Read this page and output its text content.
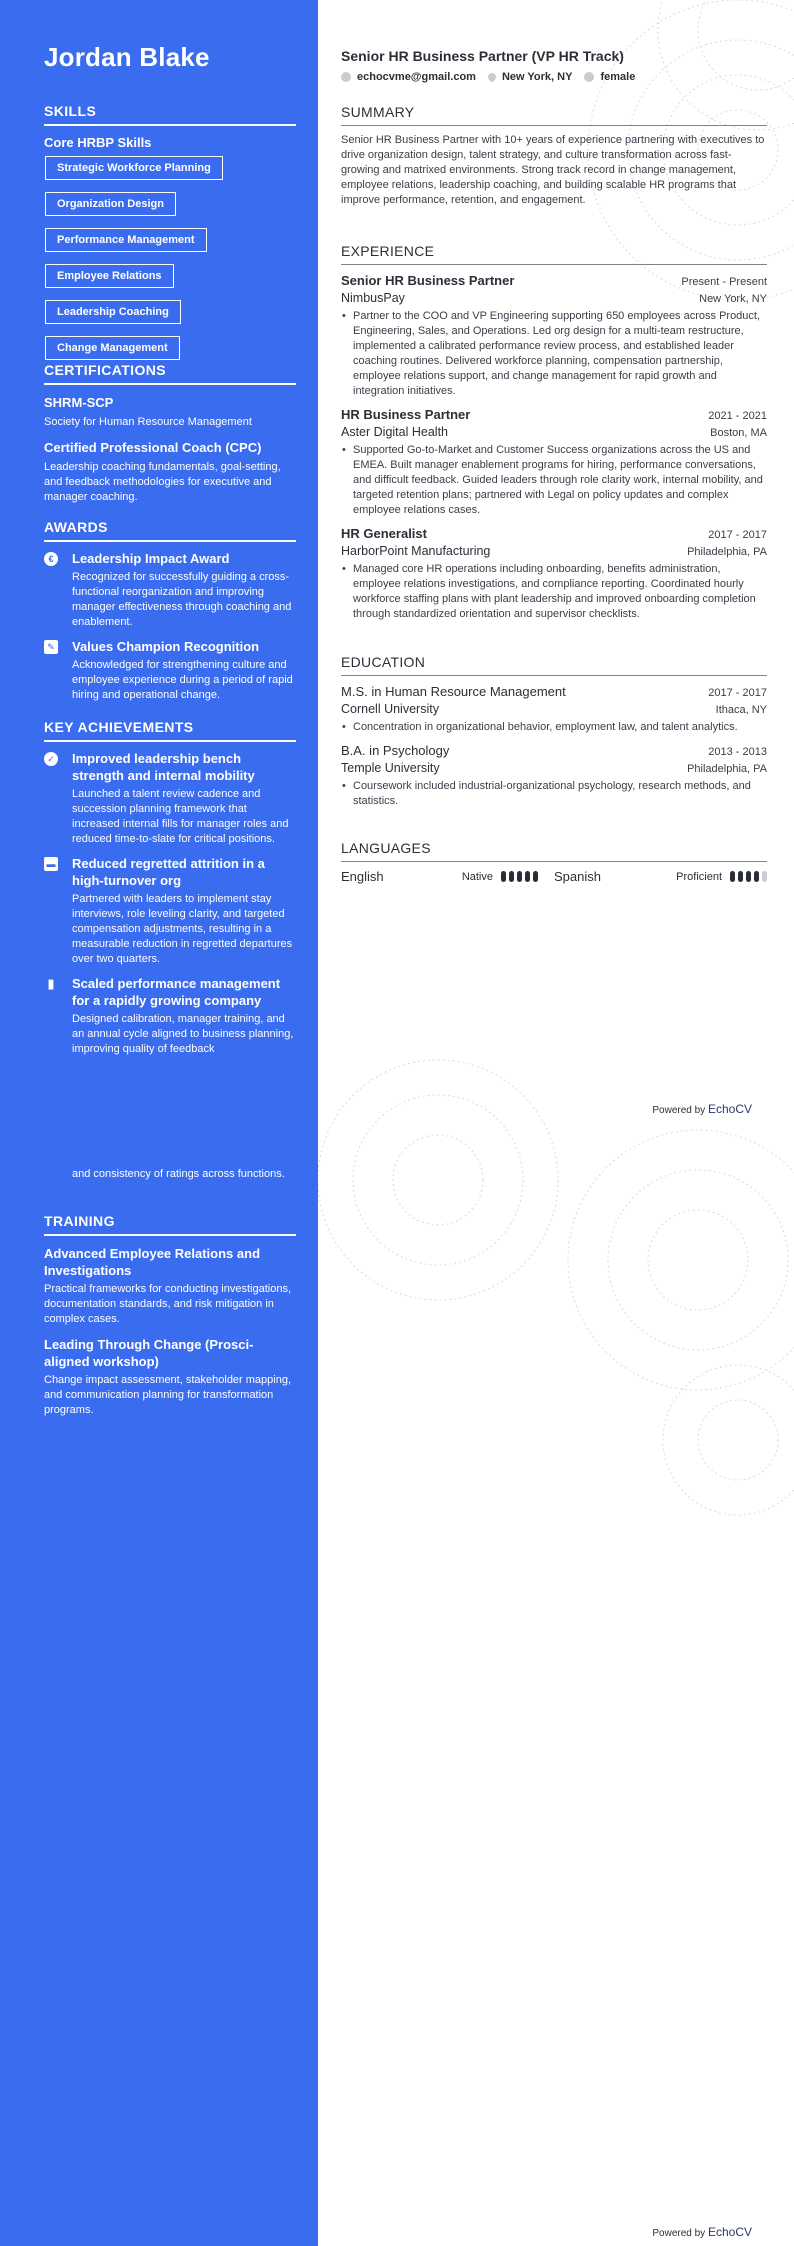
Jordan Blake
SKILLS
Core HRBP Skills
Strategic Workforce Planning
Organization Design
Performance Management
Employee Relations
Leadership Coaching
Change Management
CERTIFICATIONS
SHRM-SCP
Society for Human Resource Management
Certified Professional Coach (CPC)
Leadership coaching fundamentals, goal-setting, and feedback methodologies for executive and manager coaching.
AWARDS
€	Leadership Impact Award
Recognized for successfully guiding a cross-functional reorganization and improving manager effectiveness through coaching and enablement.
✎ Values Champion Recognition
Acknowledged for strengthening culture and employee experience during a period of rapid hiring and operational change.
KEY ACHIEVEMENTS
✓ Improved leadership bench strength and internal mobility
Launched a talent review cadence and succession planning framework that increased internal fills for manager roles and reduced time-to-slate for critical positions.
▬ Reduced regretted attrition in a high-turnover org
Partnered with leaders to implement stay interviews, role leveling clarity, and targeted compensation adjustments, resulting in a measurable reduction in regretted departures over two quarters.
▮ Scaled performance management for a rapidly growing company
Designed calibration, manager training, and an annual cycle aligned to business planning, improving quality of feedback
and consistency of ratings across functions.
TRAINING
Advanced Employee Relations and Investigations
Practical frameworks for conducting investigations, documentation standards, and risk mitigation in complex cases.
Leading Through Change (Prosci-aligned workshop)
Change impact assessment, stakeholder mapping, and communication planning for transformation programs.
Senior HR Business Partner (VP HR Track)
echocvme@gmail.com New York, NY	female
SUMMARY
Senior HR Business Partner with 10+ years of experience partnering with executives to drive organization design, talent strategy, and culture transformation across fast-growing and matrixed environments. Strong track record in change management, employee relations, leadership coaching, and building scalable HR programs that improve performance, retention, and engagement.
EXPERIENCE
Senior HR Business Partner	Present - Present
NimbusPay	New York, NY
• Partner to the COO and VP Engineering supporting 650 employees across Product, Engineering, Sales, and Operations. Led org design for a multi-team restructure, implemented a calibrated performance review process, and established leader coaching routines. Delivered workforce planning, compensation partnership, employee relations support, and change management for rapid growth and integration initiatives.
HR Business Partner	2021 - 2021
Aster Digital Health	Boston, MA
• Supported Go-to-Market and Customer Success organizations across the US and EMEA. Built manager enablement programs for hiring, performance conversations, and difficult feedback. Guided leaders through role clarity work, internal mobility, and targeted retention plans; partnered with Legal on policy updates and complex employee relations cases.
HR Generalist	2017 - 2017
HarborPoint Manufacturing	Philadelphia, PA
• Managed core HR operations including onboarding, benefits administration, employee relations investigations, and compliance reporting. Coordinated hourly workforce staffing plans with plant leadership and improved onboarding completion through standardized orientation and supervisor checklists.
EDUCATION
M.S. in Human Resource Management	2017 - 2017
Cornell University	Ithaca, NY
• Concentration in organizational behavior, employment law, and talent analytics.
B.A. in Psychology	2013 - 2013
Temple University	Philadelphia, PA
• Coursework included industrial-organizational psychology, research methods, and statistics.
LANGUAGES
English	Native	Spanish	Proficient
Powered by EchoCV
Powered by EchoCV
